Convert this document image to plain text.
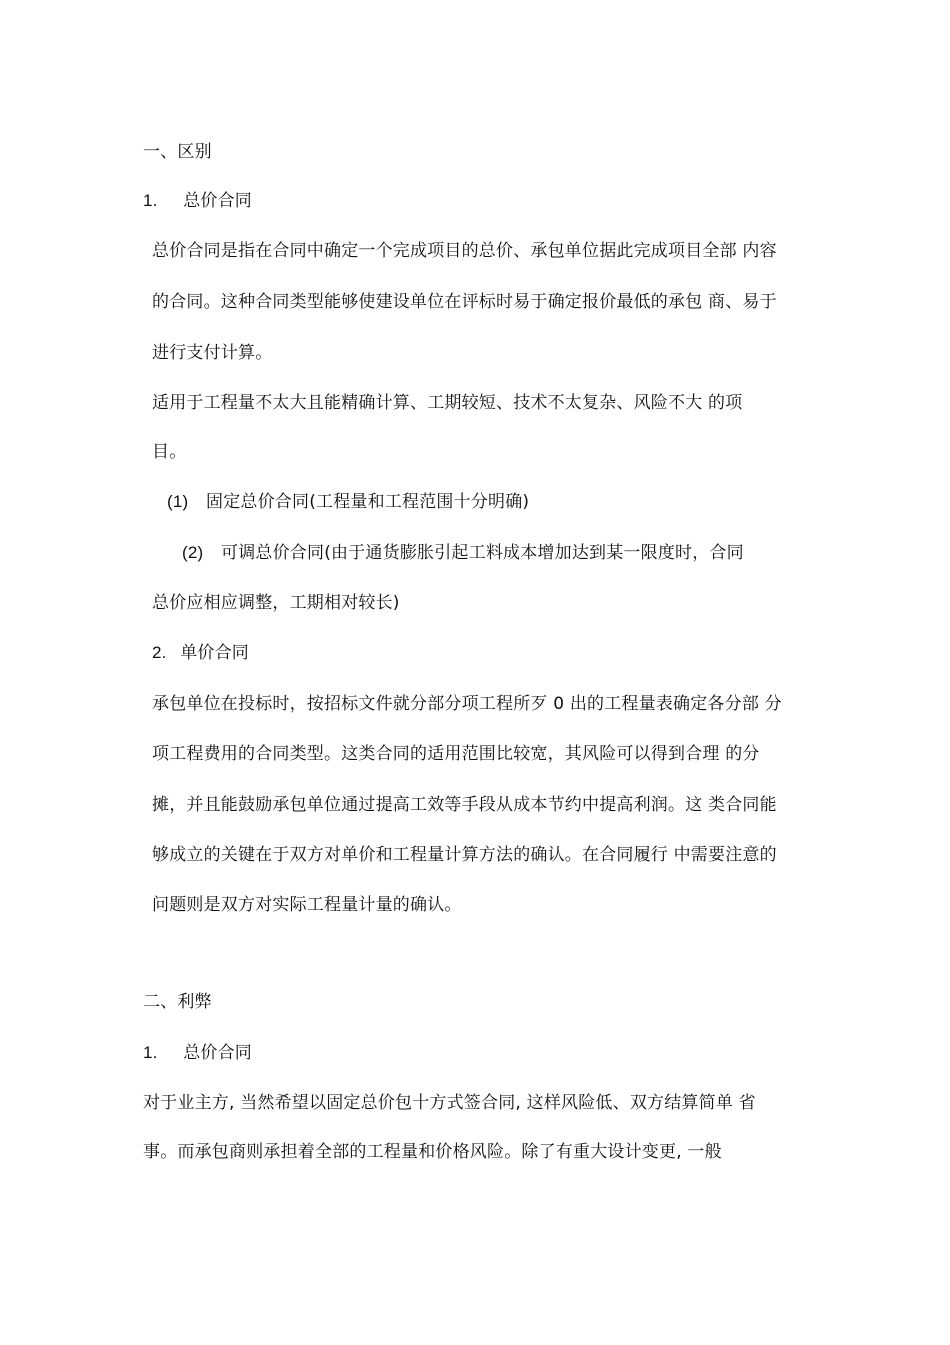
一、区别
1. 总价合同
总价合同是指在合同中确定一个完成项目的总价、承包单位据此完成项目全部 内容
的合同。这种合同类型能够使建设单位在评标时易于确定报价最低的承包 商、易于
进行支付计算。
适用于工程量不太大且能精确计算、工期较短、技术不太复杂、风险不大 的项
目。
(1) 固定总价合同(工程量和工程范围十分明确)
(2) 可调总价合同(由于通货膨胀引起工料成本增加达到某一限度时，合同
总价应相应调整，工期相对较长)
2. 单价合同
承包单位在投标时，按招标文件就分部分项工程所歹 0 出的工程量表确定各分部 分
项工程费用的合同类型。这类合同的适用范围比较宽，其风险可以得到合理 的分
摊，并且能鼓励承包单位通过提高工效等手段从成本节约中提高利润。这 类合同能
够成立的关键在于双方对单价和工程量计算方法的确认。在合同履行 中需要注意的
问题则是双方对实际工程量计量的确认。
二、利弊
1. 总价合同
对于业主方, 当然希望以固定总价包十方式签合同, 这样风险低、双方结算简单 省
事。而承包商则承担着全部的工程量和价格风险。除了有重大设计变更, 一般
